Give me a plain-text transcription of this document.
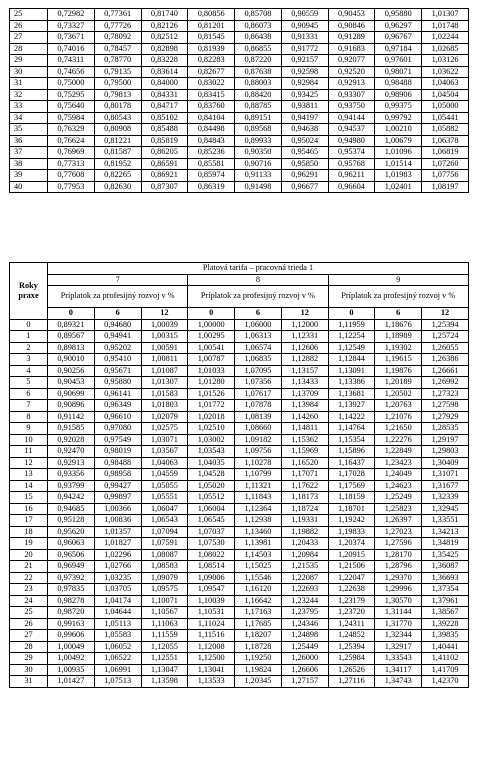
25	0,72982	0,77361	0,81740	0,80856	0,85708	0,90559	0,90453	0,95880	1,01307
26	0,73327	0,77726	0,82126	0,81201	0,86073	0,90945	0,90846	0,96297	1,01748
27	0,73671	0,78092	0,82512	0,81545	0,86438	0,91331	0,91289	0,96767	1,02244
28	0,74016	0,78457	0,82898	0,81939	0,86855	0,91772	0,91683	0,97184	1,02685
29	0,74311	0,78770	0,83228	0,82283	0,87220	0,92157	0,92077	0,97601	1,03126
30	0,74656	0,79135	0,83614	0,82677	0,87638	0,92598	0,92520	0,98071	1,03622
31	0,75000	0,79500	0,84000	0,83022	0,88003	0,92984	0,92913	0,98488	1,04063
32	0,75295	0,79813	0,84331	0,83415	0,88420	0,93425	0,93307	0,98906	1,04504
33	0,75640	0,80178	0,84717	0,83760	0,88785	0,93811	0,93750	0,99375	1,05000
34	0,75984	0,80543	0,85102	0,84104	0,89151	0,94197	0,94144	0,99792	1,05441
35	0,76329	0,80908	0,85488	0,84498	0,89568	0,94638	0,94537	1,00210	1,05882
36	0,76624	0,81221	0,85819	0,84843	0,89933	0,95024	0,94980	1,00679	1,06378
37	0,76969	0,81587	0,86205	0,85236	0,90350	0,95465	0,95374	1,01096	1,06819
38	0,77313	0,81952	0,86591	0,85581	0,90716	0,95850	0,95768	1,01514	1,07260
39	0,77608	0,82265	0,86921	0,85974	0,91133	0,96291	0,96211	1,01983	1,07756
40	0,77953	0,82630	0,87307	0,86319	0,91498	0,96677	0,96604	1,02401	1,08197
Roky praxe	Platová tarifa – pracovná trieda 1								
	7			8			9		
	Príplatok za profesijný rozvoj v %			Príplatok za profesijný rozvoj v %			Príplatok za profesijný rozvoj v %		
	0	6	12	0	6	12	0	6	12
0	0,89321	0,94680	1,00039	1,00000	1,06000	1,12000	1,11959	1,18676	1,25394
1	0,89567	0,94941	1,00315	1,00295	1,06313	1,12331	1,12254	1,18989	1,25724
2	0,89813	0,95202	1,00591	1,00541	1,06574	1,12606	1,12549	1,19302	1,26055
3	0,90010	0,95410	1,00811	1,00787	1,06835	1,12882	1,12844	1,19615	1,26386
4	0,90256	0,95671	1,01087	1,01033	1,07095	1,13157	1,13091	1,19876	1,26661
5	0,90453	0,95880	1,01307	1,01280	1,07356	1,13433	1,13386	1,20189	1,26992
6	0,90699	0,96141	1,01583	1,01526	1,07617	1,13709	1,13681	1,20502	1,27323
7	0,90896	0,96349	1,01803	1,01772	1,07878	1,13984	1,13927	1,20763	1,27598
8	0,91142	0,96610	1,02079	1,02018	1,08139	1,14260	1,14222	1,21076	1,27929
9	0,91585	0,97080	1,02575	1,02510	1,08660	1,14811	1,14764	1,21650	1,28535
10	0,92028	0,97549	1,03071	1,03002	1,09182	1,15362	1,15354	1,22276	1,29197
11	0,92470	0,98019	1,03567	1,03543	1,09756	1,15969	1,15896	1,22849	1,29803
12	0,92913	0,98488	1,04063	1,04035	1,10278	1,16520	1,16437	1,23423	1,30409
13	0,93356	0,98958	1,04559	1,04528	1,10799	1,17071	1,17028	1,24049	1,31071
14	0,93799	0,99427	1,05055	1,05020	1,11321	1,17622	1,17569	1,24623	1,31677
15	0,94242	0,99897	1,05551	1,05512	1,11843	1,18173	1,18159	1,25249	1,32339
16	0,94685	1,00366	1,06047	1,06004	1,12364	1,18724	1,18701	1,25823	1,32945
17	0,95128	1,00836	1,06543	1,06545	1,12938	1,19331	1,19242	1,26397	1,33551
18	0,95620	1,01357	1,07094	1,07037	1,13460	1,19882	1,19833	1,27023	1,34213
19	0,96063	1,01827	1,07591	1,07530	1,13981	1,20433	1,20374	1,27596	1,34819
20	0,96506	1,02296	1,08087	1,08022	1,14503	1,20984	1,20915	1,28170	1,35425
21	0,96949	1,02766	1,08583	1,08514	1,15025	1,21535	1,21506	1,28796	1,36087
22	0,97392	1,03235	1,09079	1,09006	1,15546	1,22087	1,22047	1,29370	1,36693
23	0,97835	1,03705	1,09575	1,09547	1,16120	1,22693	1,22638	1,29996	1,37354
24	0,98278	1,04174	1,10071	1,10039	1,16642	1,23244	1,23179	1,30570	1,37961
25	0,98720	1,04644	1,10567	1,10531	1,17163	1,23795	1,23720	1,31144	1,38567
26	0,99163	1,05113	1,11063	1,11024	1,17685	1,24346	1,24311	1,31770	1,39228
27	0,99606	1,05583	1,11559	1,11516	1,18207	1,24898	1,24852	1,32344	1,39835
28	1,00049	1,06052	1,12055	1,12008	1,18728	1,25449	1,25394	1,32917	1,40441
29	1,00492	1,06522	1,12551	1,12500	1,19250	1,26000	1,25984	1,33543	1,41102
30	1,00935	1,06991	1,13047	1,13041	1,19824	1,26606	1,26526	1,34117	1,41709
31	1,01427	1,07513	1,13598	1,13533	1,20345	1,27157	1,27116	1,34743	1,42370
